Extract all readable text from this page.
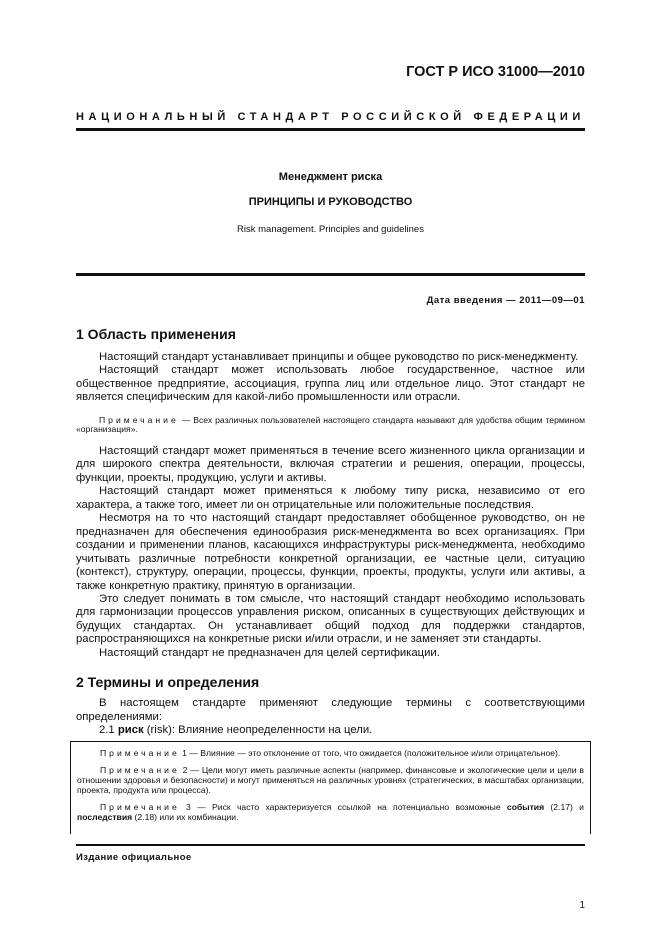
ГОСТ Р ИСО 31000—2010
НАЦИОНАЛЬНЫЙ СТАНДАРТ РОССИЙСКОЙ ФЕДЕРАЦИИ
Менеджмент риска
ПРИНЦИПЫ И РУКОВОДСТВО
Risk management. Principles and guidelines
Дата введения — 2011—09—01
1 Область применения

Настоящий стандарт устанавливает принципы и общее руководство по риск-менеджменту.

Настоящий стандарт может использовать любое государственное, частное или общественное предприятие, ассоциация, группа лиц или отдельное лицо. Этот стандарт не является специфическим для какой-либо промышленности или отрасли.

Примечание — Всех различных пользователей настоящего стандарта называют для удобства общим термином «организация».

Настоящий стандарт может применяться в течение всего жизненного цикла организации и для широкого спектра деятельности, включая стратегии и решения, операции, процессы, функции, проекты, продукцию, услуги и активы.

Настоящий стандарт может применяться к любому типу риска, независимо от его характера, а также того, имеет ли он отрицательные или положительные последствия.

Несмотря на то что настоящий стандарт предоставляет обобщенное руководство, он не предназначен для обеспечения единообразия риск-менеджмента во всех организациях. При создании и применении планов, касающихся инфраструктуры риск-менеджмента, необходимо учитывать различные потребности конкретной организации, ее частные цели, ситуацию (контекст), структуру, операции, процессы, функции, проекты, продукты, услуги или активы, а также конкретную практику, принятую в организации.

Это следует понимать в том смысле, что настоящий стандарт необходимо использовать для гармонизации процессов управления риском, описанных в существующих действующих и будущих стандартах. Он устанавливает общий подход для поддержки стандартов, распространяющихся на конкретные риски и/или отрасли, и не заменяет эти стандарты.

Настоящий стандарт не предназначен для целей сертификации.

2 Термины и определения

В настоящем стандарте применяют следующие термины с соответствующими определениями:

2.1 риск (risk): Влияние неопределенности на цели.

Примечание 1 — Влияние — это отклонение от того, что ожидается (положительное и/или отрицательное).

Примечание 2 — Цели могут иметь различные аспекты (например, финансовые и экологические цели и цели в отношении здоровья и безопасности) и могут применяться на различных уровнях (стратегических, в масштабах организации, проекта, продукта или процесса).

Примечание 3 — Риск часто характеризуется ссылкой на потенциально возможные события (2.17) и последствия (2.18) или их комбинации.

Издание официальное
1
